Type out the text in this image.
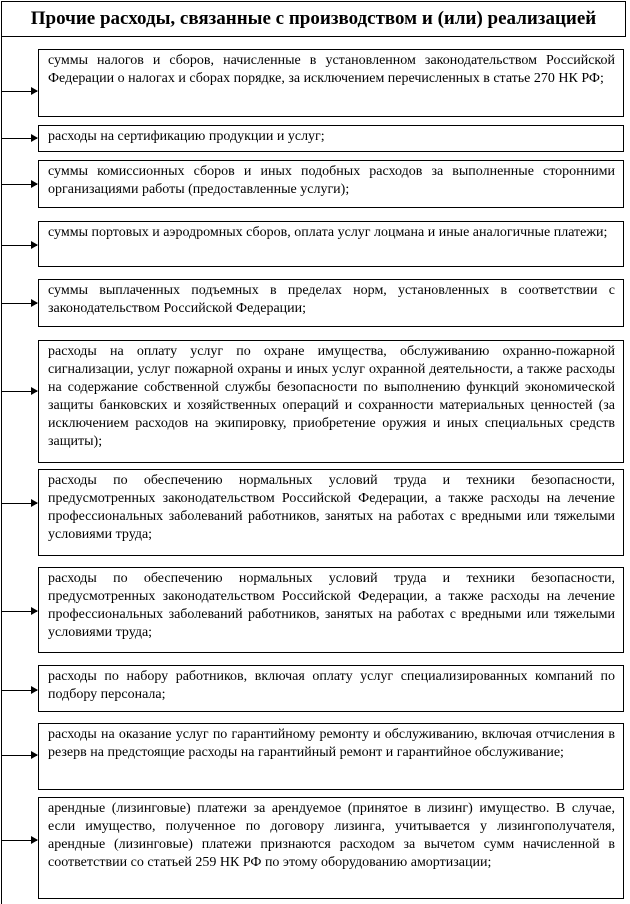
Прочие расходы, связанные с производством и (или) реализацией
суммы налогов и сборов, начисленные в установленном законодательством Российской Федерации о налогах и сборах порядке, за исключением перечисленных в статье 270 НК РФ;
расходы на сертификацию продукции и услуг;
суммы комиссионных сборов и иных подобных расходов за выполненные сторонними организациями работы (предоставленные услуги);
суммы портовых и аэродромных сборов, оплата услуг лоцмана и иные аналогичные платежи;
суммы выплаченных подъемных в пределах норм, установленных в соответствии с законодательством Российской Федерации;
расходы на оплату услуг по охране имущества, обслуживанию охранно-пожарной сигнализации, услуг пожарной охраны и иных услуг охранной деятельности, а также расходы на содержание собственной службы безопасности по выполнению функций экономической защиты банковских и хозяйственных операций и сохранности материальных ценностей (за исключением расходов на экипировку, приобретение оружия и иных специальных средств защиты);
расходы по обеспечению нормальных условий труда и техники безопасности, предусмотренных законодательством Российской Федерации, а также расходы на лечение профессиональных заболеваний работников, занятых на работах с вредными или тяжелыми условиями труда;
расходы по обеспечению нормальных условий труда и техники безопасности, предусмотренных законодательством Российской Федерации, а также расходы на лечение профессиональных заболеваний работников, занятых на работах с вредными или тяжелыми условиями труда;
расходы по набору работников, включая оплату услуг специализированных компаний по подбору персонала;
расходы на оказание услуг по гарантийному ремонту и обслуживанию, включая отчисления в резерв на предстоящие расходы на гарантийный ремонт и гарантийное обслуживание;
арендные (лизинговые) платежи за арендуемое (принятое в лизинг) имущество. В случае, если имущество, полученное по договору лизинга, учитывается у лизингополучателя, арендные (лизинговые) платежи признаются расходом за вычетом сумм начисленной в соответствии со статьей 259 НК РФ по этому оборудованию амортизации;
